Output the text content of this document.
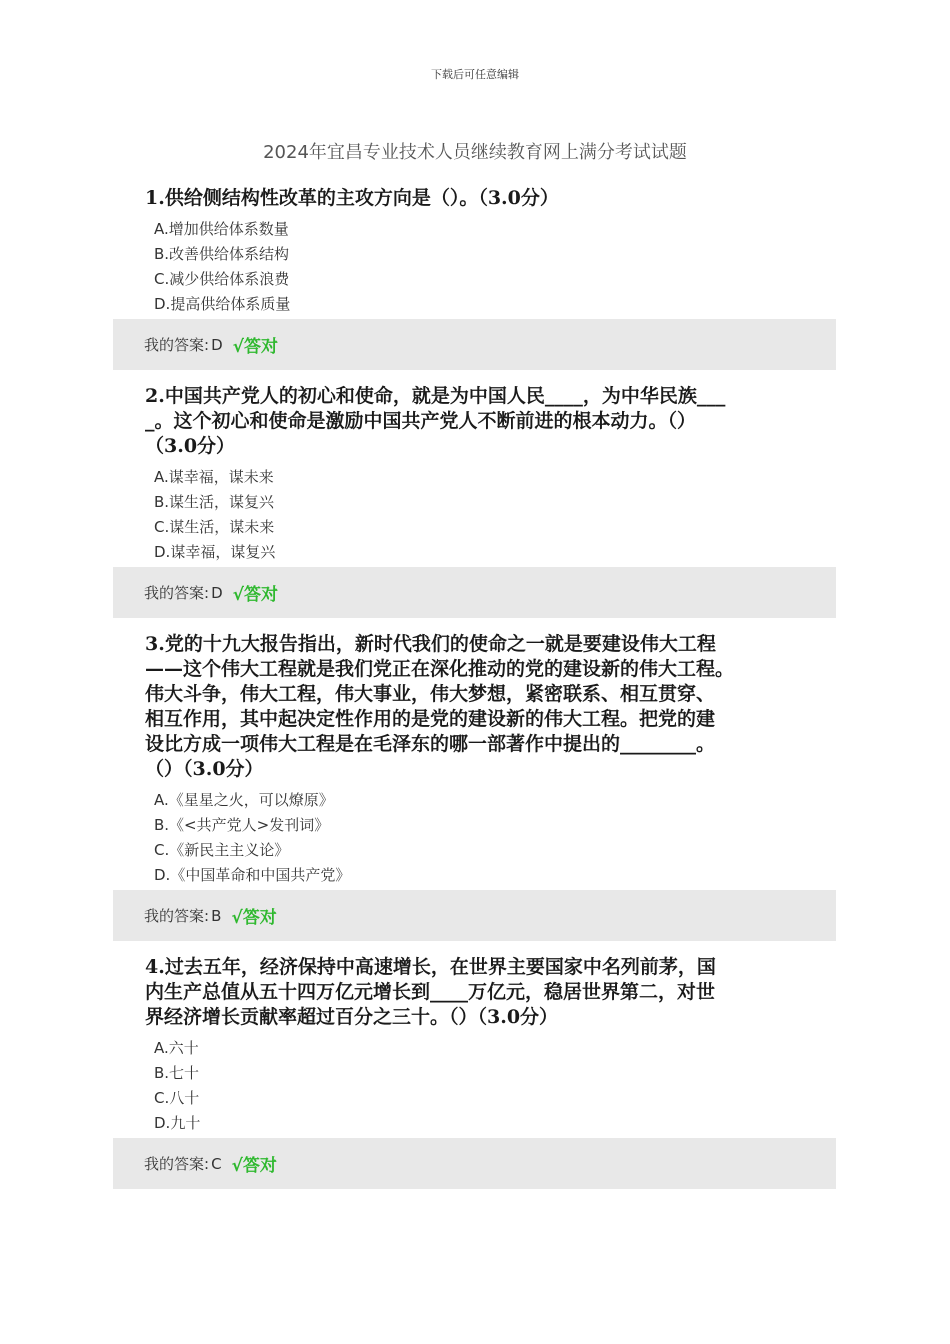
下载后可任意编辑
2024年宜昌专业技术人员继续教育网上满分考试试题
1.供给侧结构性改革的主攻方向是（）。（3.0分）
A.增加供给体系数量
B.改善供给体系结构
C.减少供给体系浪费
D.提高供给体系质量
我的答案: D √答对
2.中国共产党人的初心和使命，就是为中国人民____，为中华民族___
_。这个初心和使命是激励中国共产党人不断前进的根本动力。（）
（3.0分）
A.谋幸福，谋未来
B.谋生活，谋复兴
C.谋生活，谋未来
D.谋幸福，谋复兴
我的答案: D √答对
3.党的十九大报告指出，新时代我们的使命之一就是要建设伟大工程
——这个伟大工程就是我们党正在深化推动的党的建设新的伟大工程。
伟大斗争，伟大工程，伟大事业，伟大梦想，紧密联系、相互贯穿、
相互作用，其中起决定性作用的是党的建设新的伟大工程。把党的建
设比方成一项伟大工程是在毛泽东的哪一部著作中提出的________。
（）（3.0分）
A.《星星之火，可以燎原》
B.《<共产党人>发刊词》
C.《新民主主义论》
D.《中国革命和中国共产党》
我的答案: B √答对
4.过去五年，经济保持中高速增长，在世界主要国家中名列前茅，国
内生产总值从五十四万亿元增长到____万亿元，稳居世界第二，对世
界经济增长贡献率超过百分之三十。（）（3.0分）
A.六十
B.七十
C.八十
D.九十
我的答案: C √答对
